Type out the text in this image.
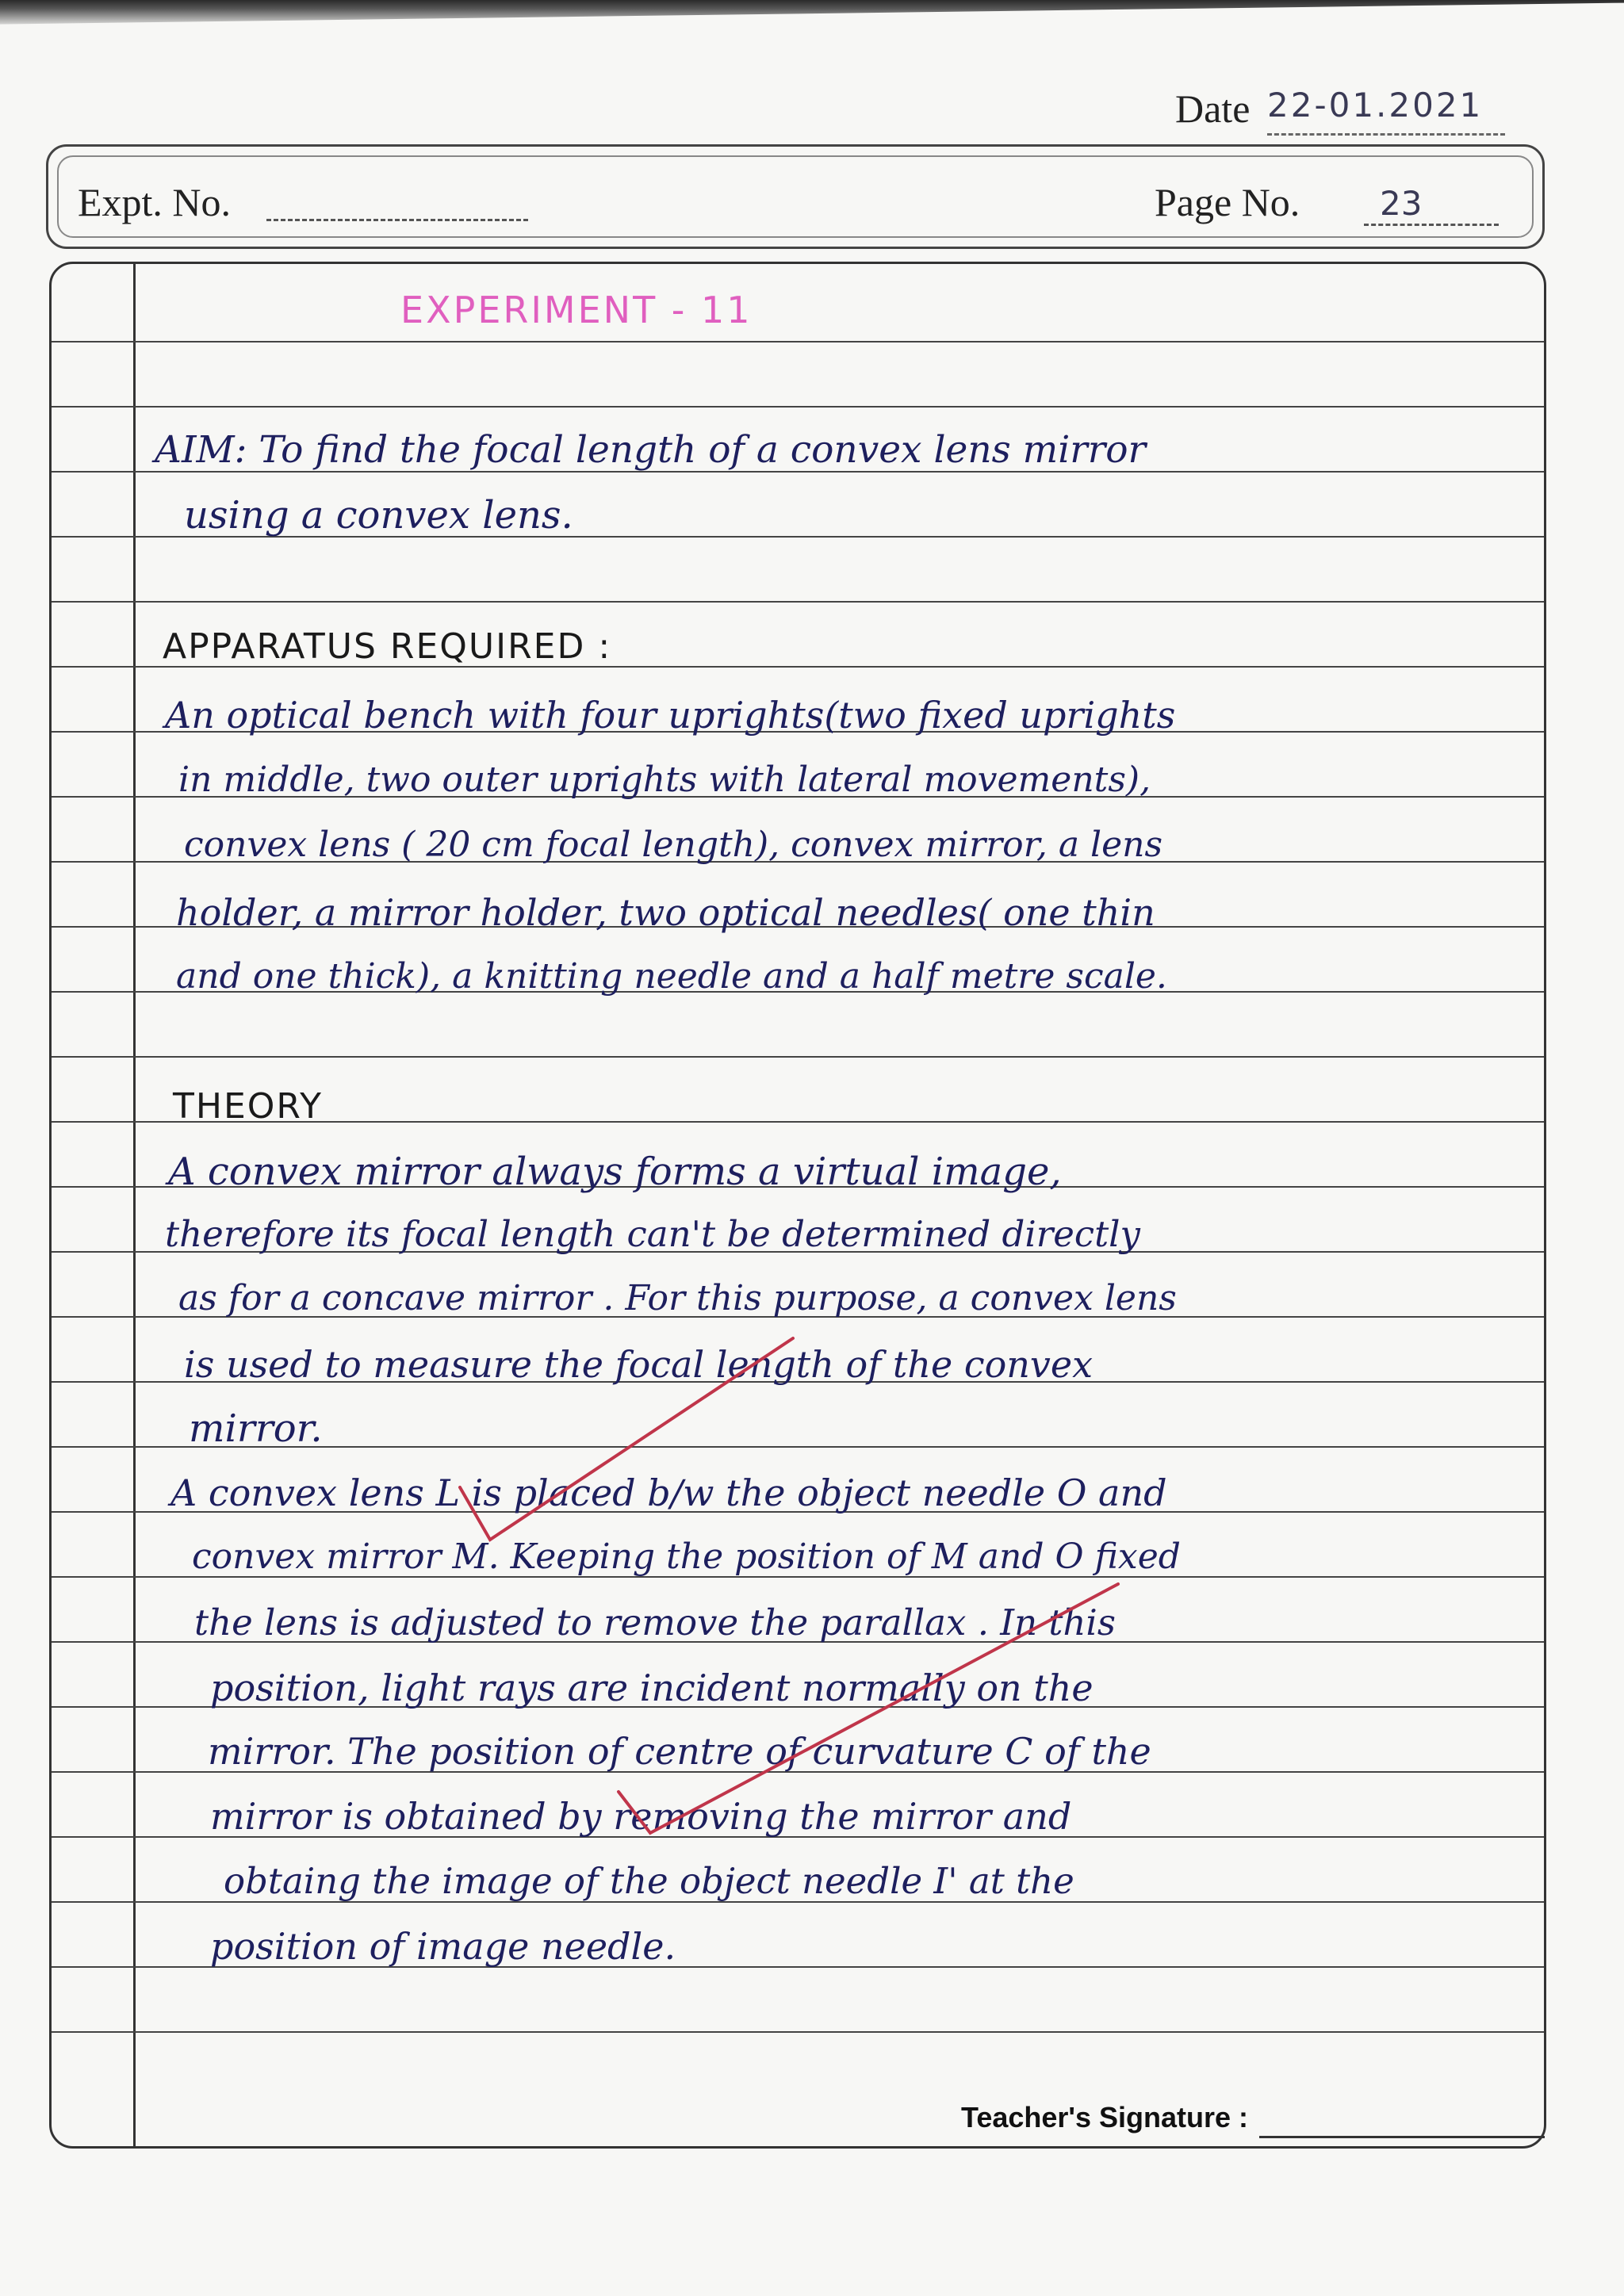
Date 22-01.2021
Expt. No.	Page No. 23
EXPERIMENT - 11
AIM: To find the focal length of a convex lens mirror
using a convex lens.
APPARATUS REQUIRED :
An optical bench with four uprights(two fixed uprights
in middle, two outer uprights with lateral movements),
convex lens ( 20 cm focal length), convex mirror, a lens
holder, a mirror holder, two optical needles( one thin
and one thick), a knitting needle and a half metre scale.
THEORY
A convex mirror always forms a virtual image,
therefore its focal length can't be determined directly
as for a concave mirror . For this purpose, a convex lens
is used to measure the focal length of the convex
mirror.
A convex lens L is placed b/w the object needle O and
convex mirror M. Keeping the position of M and O fixed
the lens is adjusted to remove the parallax . In this
position, light rays are incident normally on the
mirror. The position of centre of curvature C of the
mirror is obtained by removing the mirror and
obtaing the image of the object needle I' at the
position of image needle.
Teacher's Signature :
